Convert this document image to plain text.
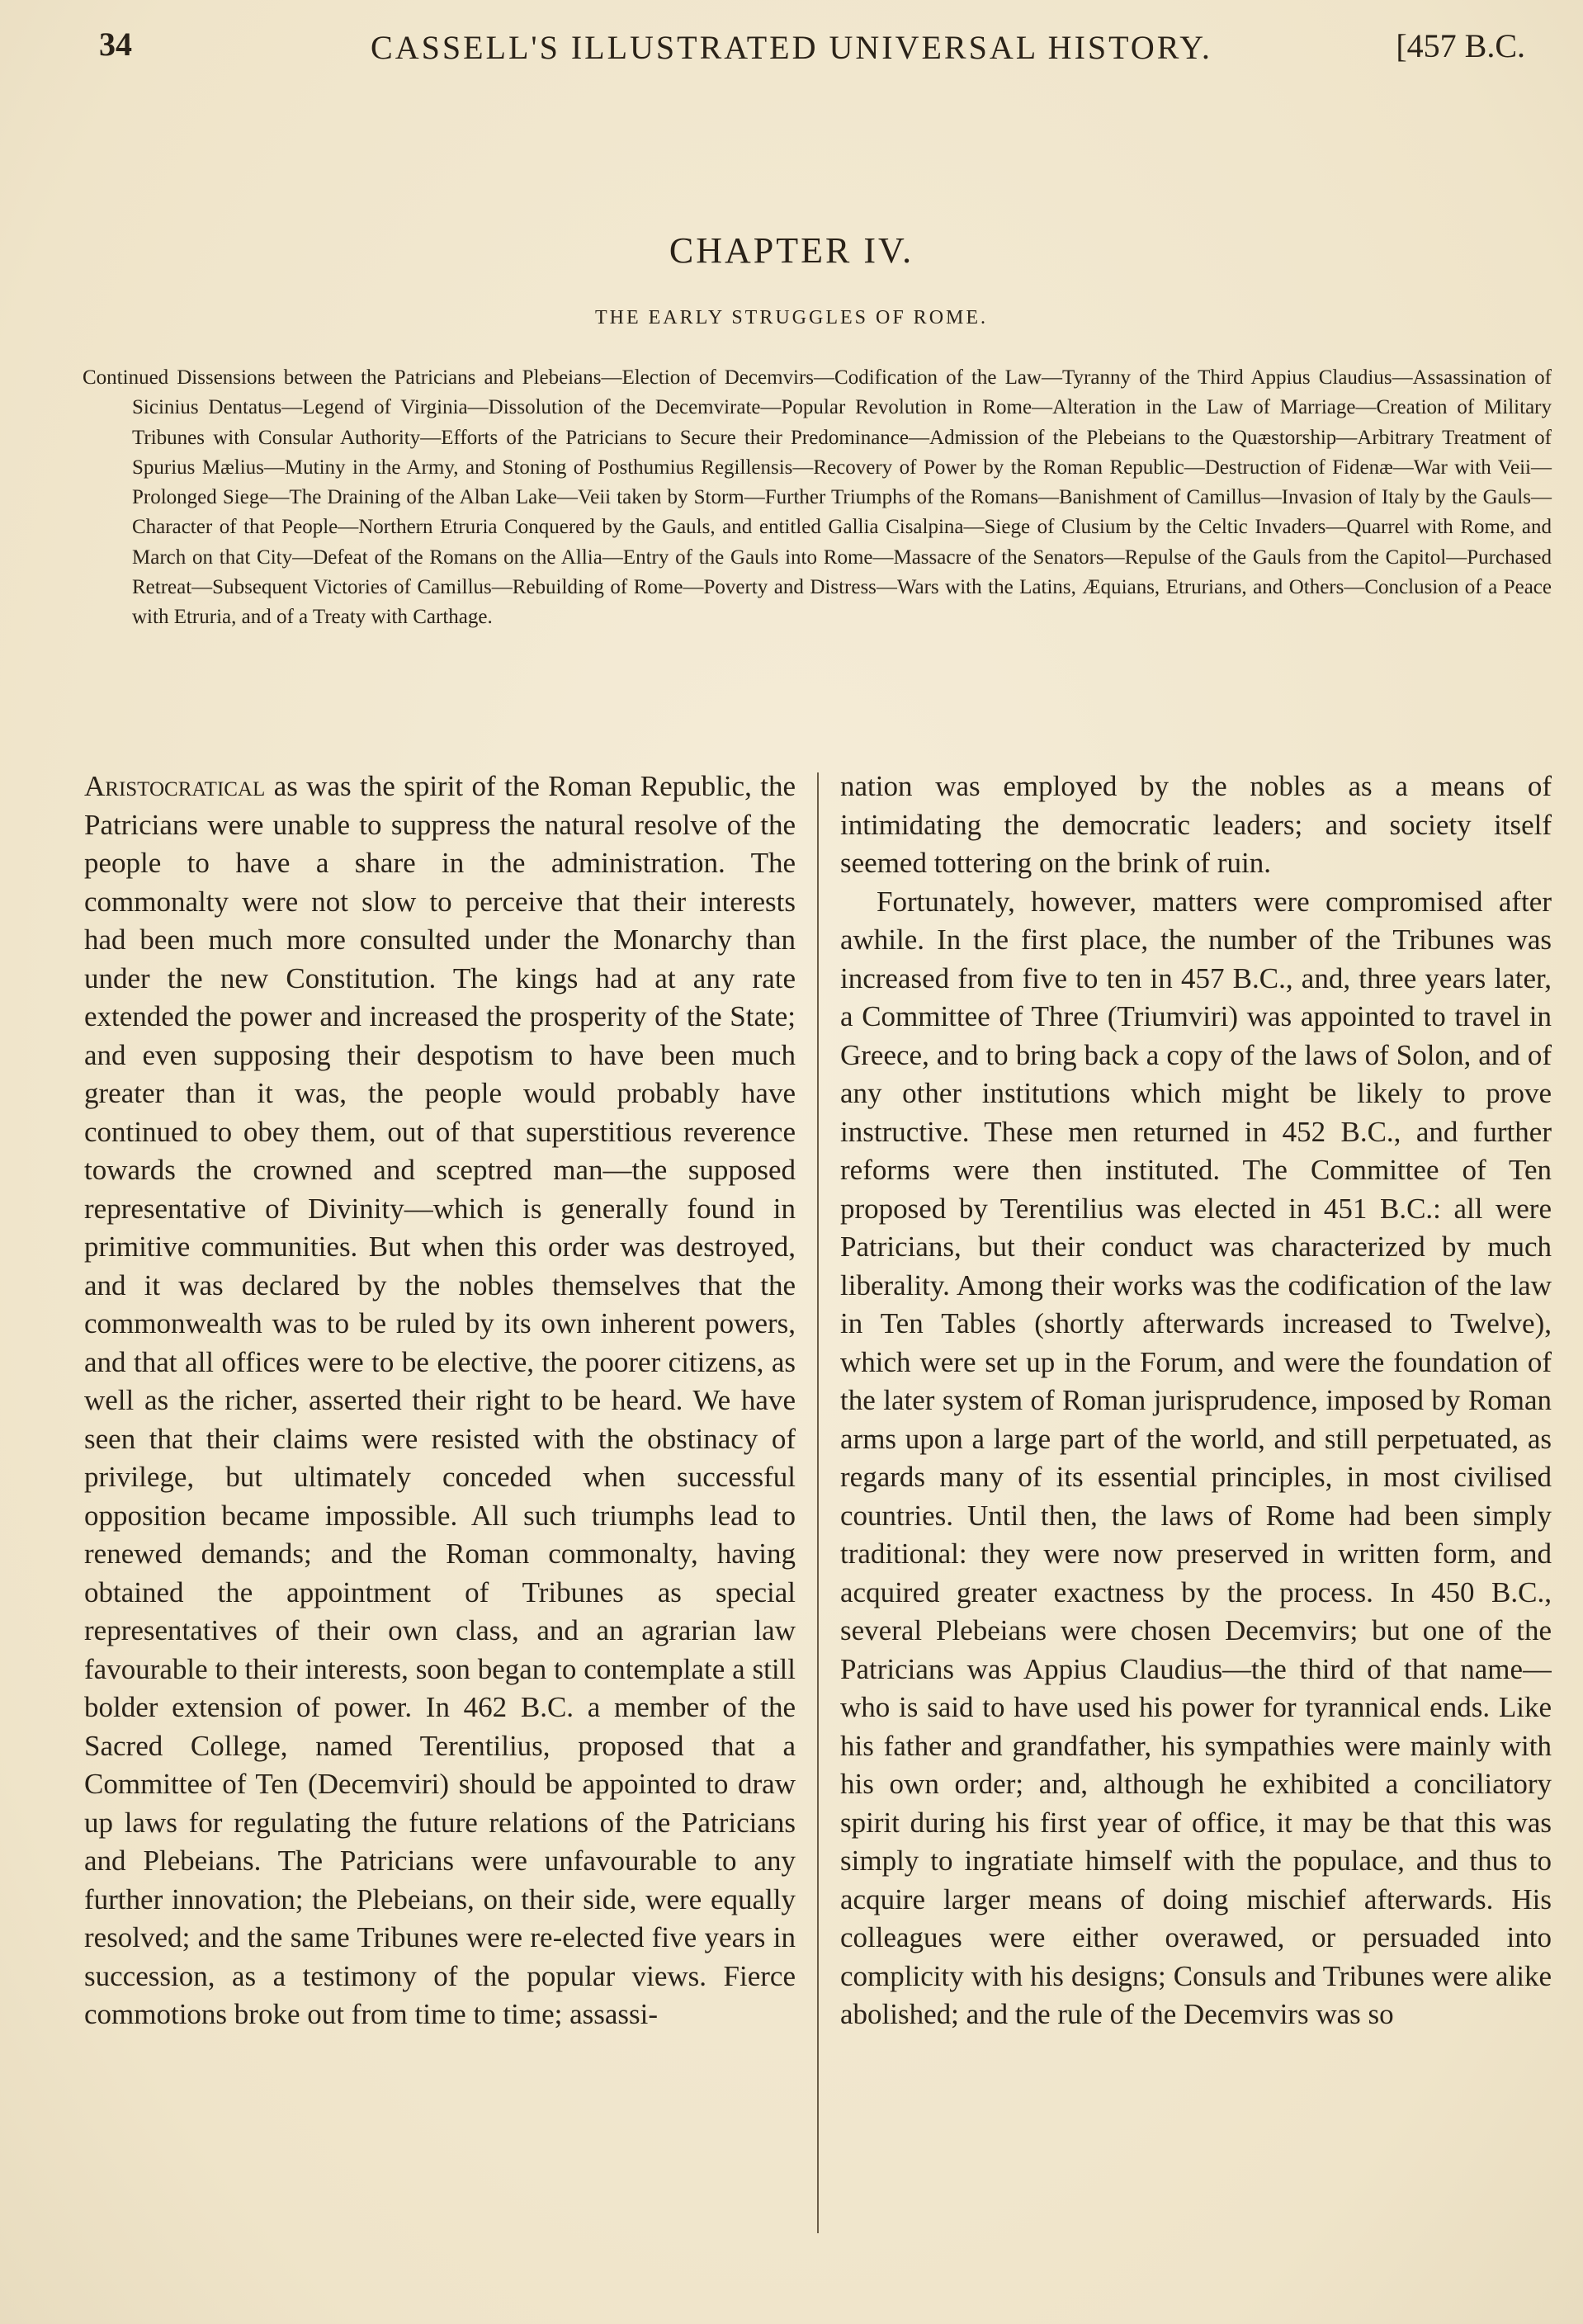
34	CASSELL'S ILLUSTRATED UNIVERSAL HISTORY.	[457 B.C.
CHAPTER IV.
THE EARLY STRUGGLES OF ROME.
Continued Dissensions between the Patricians and Plebeians—Election of Decemvirs—Codification of the Law—Tyranny of the Third Appius Claudius—Assassination of Sicinius Dentatus—Legend of Virginia—Dissolution of the Decemvirate—Popular Revolution in Rome—Alteration in the Law of Marriage—Creation of Military Tribunes with Consular Authority—Efforts of the Patricians to Secure their Predominance—Admission of the Plebeians to the Quæstorship—Arbitrary Treatment of Spurius Mælius—Mutiny in the Army, and Stoning of Posthumius Regillensis—Recovery of Power by the Roman Republic—Destruction of Fidenæ—War with Veii—Prolonged Siege—The Draining of the Alban Lake—Veii taken by Storm—Further Triumphs of the Romans—Banishment of Camillus—Invasion of Italy by the Gauls—Character of that People—Northern Etruria Conquered by the Gauls, and entitled Gallia Cisalpina—Siege of Clusium by the Celtic Invaders—Quarrel with Rome, and March on that City—Defeat of the Romans on the Allia—Entry of the Gauls into Rome—Massacre of the Senators—Repulse of the Gauls from the Capitol—Purchased Retreat—Subsequent Victories of Camillus—Rebuilding of Rome—Poverty and Distress—Wars with the Latins, Æquians, Etrurians, and Others—Conclusion of a Peace with Etruria, and of a Treaty with Carthage.

Aristocratical as was the spirit of the Roman Republic, the Patricians were unable to suppress the natural resolve of the people to have a share in the administration. The commonalty were not slow to perceive that their interests had been much more consulted under the Monarchy than under the new Constitution. The kings had at any rate extended the power and increased the prosperity of the State; and even supposing their despotism to have been much greater than it was, the people would probably have continued to obey them, out of that superstitious reverence towards the crowned and sceptred man—the supposed representative of Divinity—which is generally found in primitive communities. But when this order was destroyed, and it was declared by the nobles themselves that the commonwealth was to be ruled by its own inherent powers, and that all offices were to be elective, the poorer citizens, as well as the richer, asserted their right to be heard. We have seen that their claims were resisted with the obstinacy of privilege, but ultimately conceded when successful opposition became impossible. All such triumphs lead to renewed demands; and the Roman commonalty, having obtained the appointment of Tribunes as special representatives of their own class, and an agrarian law favourable to their interests, soon began to contemplate a still bolder extension of power. In 462 B.C. a member of the Sacred College, named Terentilius, proposed that a Committee of Ten (Decemviri) should be appointed to draw up laws for regulating the future relations of the Patricians and Plebeians. The Patricians were unfavourable to any further innovation; the Plebeians, on their side, were equally resolved; and the same Tribunes were re-elected five years in succession, as a testimony of the popular views. Fierce commotions broke out from time to time; assassi-

nation was employed by the nobles as a means of intimidating the democratic leaders; and society itself seemed tottering on the brink of ruin.

Fortunately, however, matters were compromised after awhile. In the first place, the number of the Tribunes was increased from five to ten in 457 B.C., and, three years later, a Committee of Three (Triumviri) was appointed to travel in Greece, and to bring back a copy of the laws of Solon, and of any other institutions which might be likely to prove instructive. These men returned in 452 B.C., and further reforms were then instituted. The Committee of Ten proposed by Terentilius was elected in 451 B.C.: all were Patricians, but their conduct was characterized by much liberality. Among their works was the codification of the law in Ten Tables (shortly afterwards increased to Twelve), which were set up in the Forum, and were the foundation of the later system of Roman jurisprudence, imposed by Roman arms upon a large part of the world, and still perpetuated, as regards many of its essential principles, in most civilised countries. Until then, the laws of Rome had been simply traditional: they were now preserved in written form, and acquired greater exactness by the process. In 450 B.C., several Plebeians were chosen Decemvirs; but one of the Patricians was Appius Claudius—the third of that name—who is said to have used his power for tyrannical ends. Like his father and grandfather, his sympathies were mainly with his own order; and, although he exhibited a conciliatory spirit during his first year of office, it may be that this was simply to ingratiate himself with the populace, and thus to acquire larger means of doing mischief afterwards. His colleagues were either overawed, or persuaded into complicity with his designs; Consuls and Tribunes were alike abolished; and the rule of the Decemvirs was so
